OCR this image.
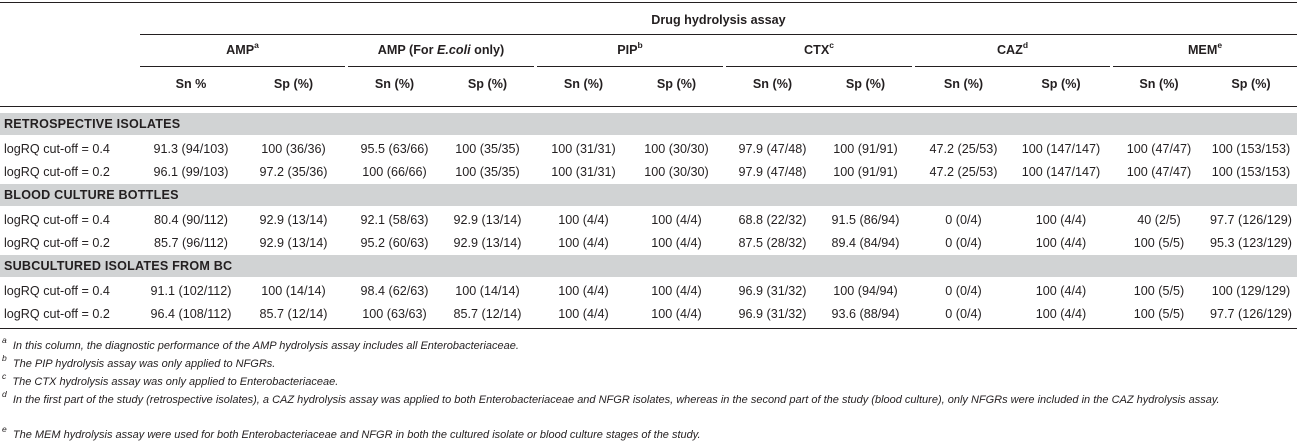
Drug hydrolysis assay
AMP$^a$	AMP (For E.coli only)	PIP$^b$	CTX$^c$	CAZ$^d$	MEM$^e$
Sn %	Sp (%)	Sn (%)	Sp (%)	Sn (%)	Sp (%)	Sn (%)	Sp (%)	Sn (%)	Sp (%)	Sn (%)	Sp (%)
RETROSPECTIVE ISOLATES
logRQ cut-off = 0.4	91.3 (94/103)	100 (36/36)	95.5 (63/66)	100 (35/35)	100 (31/31)	100 (30/30)	97.9 (47/48)	100 (91/91)	47.2 (25/53)	100 (147/147)	100 (47/47)	100 (153/153)
logRQ cut-off = 0.2	96.1 (99/103)	97.2 (35/36)	100 (66/66)	100 (35/35)	100 (31/31)	100 (30/30)	97.9 (47/48)	100 (91/91)	47.2 (25/53)	100 (147/147)	100 (47/47)	100 (153/153)
BLOOD CULTURE BOTTLES
logRQ cut-off = 0.4	80.4 (90/112)	92.9 (13/14)	92.1 (58/63)	92.9 (13/14)	100 (4/4)	100 (4/4)	68.8 (22/32)	91.5 (86/94)	0 (0/4)	100 (4/4)	40 (2/5)	97.7 (126/129)
logRQ cut-off = 0.2	85.7 (96/112)	92.9 (13/14)	95.2 (60/63)	92.9 (13/14)	100 (4/4)	100 (4/4)	87.5 (28/32)	89.4 (84/94)	0 (0/4)	100 (4/4)	100 (5/5)	95.3 (123/129)
SUBCULTURED ISOLATES FROM BC
logRQ cut-off = 0.4	91.1 (102/112)	100 (14/14)	98.4 (62/63)	100 (14/14)	100 (4/4)	100 (4/4)	96.9 (31/32)	100 (94/94)	0 (0/4)	100 (4/4)	100 (5/5)	100 (129/129)
logRQ cut-off = 0.2	96.4 (108/112)	85.7 (12/14)	100 (63/63)	85.7 (12/14)	100 (4/4)	100 (4/4)	96.9 (31/32)	93.6 (88/94)	0 (0/4)	100 (4/4)	100 (5/5)	97.7 (126/129)
$^a$ In this column, the diagnostic performance of the AMP hydrolysis assay includes all Enterobacteriaceae.
$^b$ The PIP hydrolysis assay was only applied to NFGRs.
$^c$ The CTX hydrolysis assay was only applied to Enterobacteriaceae.
$^d$ In the first part of the study (retrospective isolates), a CAZ hydrolysis assay was applied to both Enterobacteriaceae and NFGR isolates, whereas in the second part of the study (blood culture), only NFGRs were included in the CAZ hydrolysis assay.
$^e$ The MEM hydrolysis assay were used for both Enterobacteriaceae and NFGR in both the cultured isolate or blood culture stages of the study.
